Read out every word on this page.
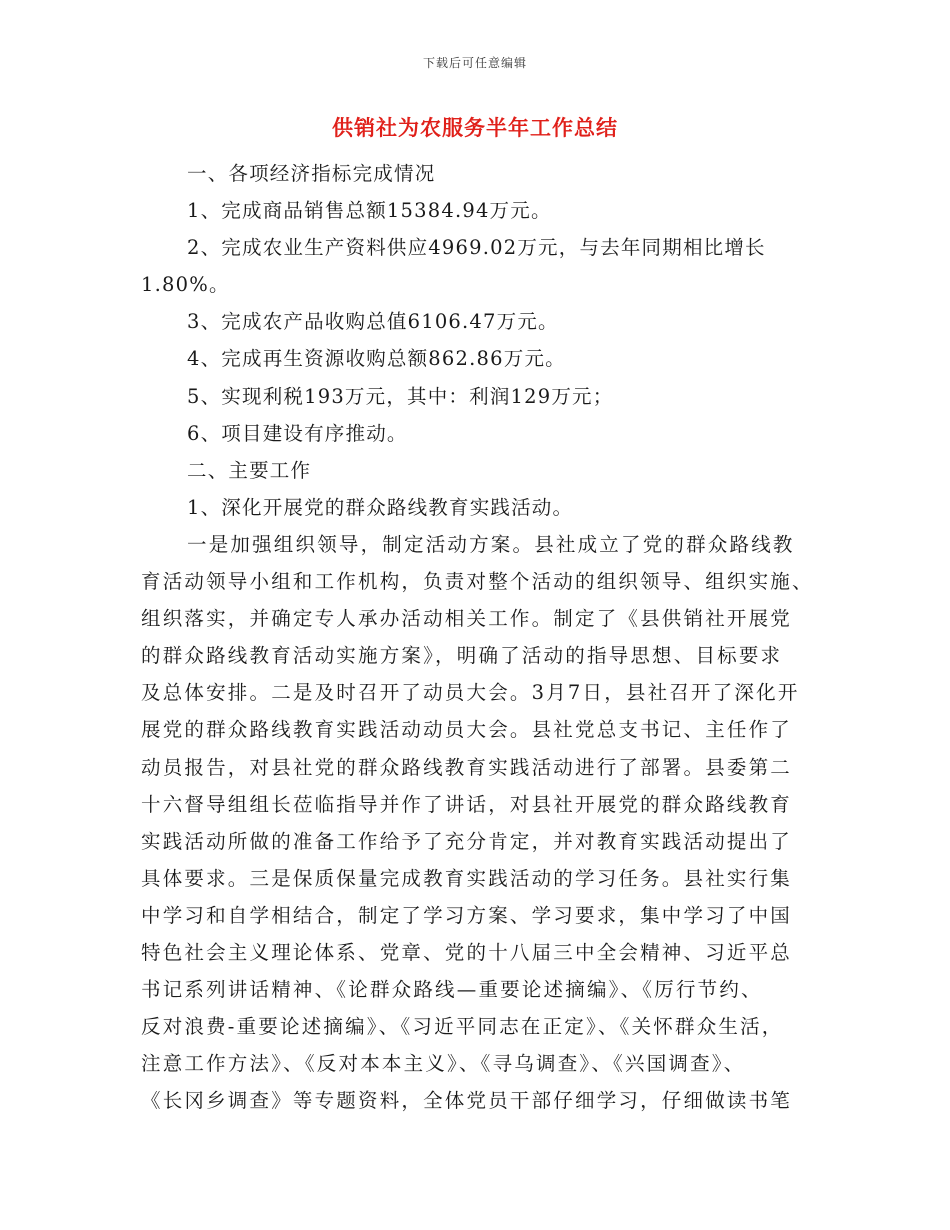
下载后可任意编辑
供销社为农服务半年工作总结
一、各项经济指标完成情况
1、完成商品销售总额15384.94万元。
2、完成农业生产资料供应4969.02万元，与去年同期相比增长
1.80%。
3、完成农产品收购总值6106.47万元。
4、完成再生资源收购总额862.86万元。
5、实现利税193万元，其中：利润129万元；
6、项目建设有序推动。
二、主要工作
1、深化开展党的群众路线教育实践活动。
一是加强组织领导，制定活动方案。县社成立了党的群众路线教
育活动领导小组和工作机构，负责对整个活动的组织领导、组织实施、
组织落实，并确定专人承办活动相关工作。制定了《县供销社开展党
的群众路线教育活动实施方案》，明确了活动的指导思想、目标要求
及总体安排。二是及时召开了动员大会。3月7日，县社召开了深化开
展党的群众路线教育实践活动动员大会。县社党总支书记、主任作了
动员报告，对县社党的群众路线教育实践活动进行了部署。县委第二
十六督导组组长莅临指导并作了讲话，对县社开展党的群众路线教育
实践活动所做的准备工作给予了充分肯定，并对教育实践活动提出了
具体要求。三是保质保量完成教育实践活动的学习任务。县社实行集
中学习和自学相结合，制定了学习方案、学习要求，集中学习了中国
特色社会主义理论体系、党章、党的十八届三中全会精神、习近平总
书记系列讲话精神、《论群众路线—重要论述摘编》、《厉行节约、
反对浪费-重要论述摘编》、《习近平同志在正定》、《关怀群众生活，
注意工作方法》、《反对本本主义》、《寻乌调查》、《兴国调查》、
《长冈乡调查》等专题资料，全体党员干部仔细学习，仔细做读书笔
